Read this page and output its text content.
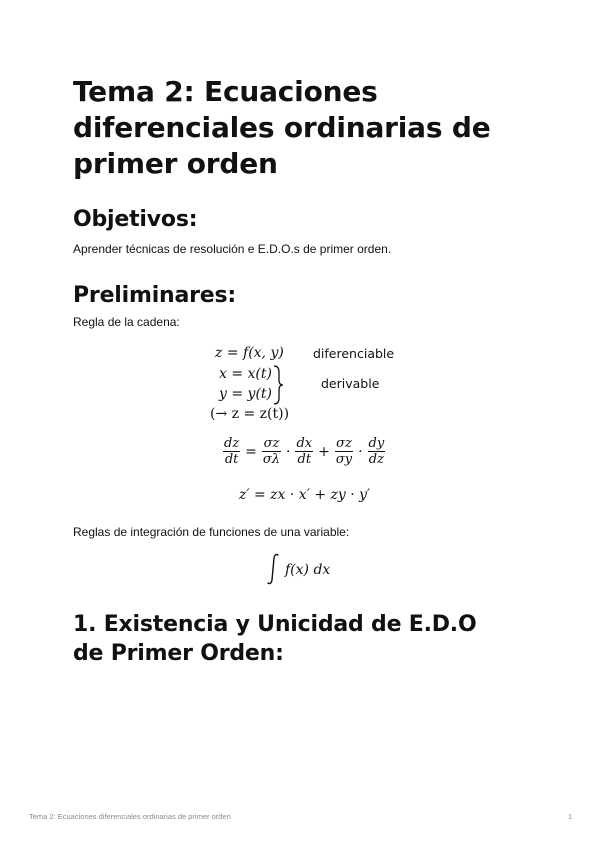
Tema 2: Ecuaciones diferenciales ordinarias de primer orden
Objetivos:
Aprender técnicas de resolución e E.D.O.s de primer orden.
Preliminares:
Regla de la cadena:
z = f(x, y)
x = x(t)
y = y(t)
(→ z = z(t))
diferenciable
derivable
$\frac{dz}{dt} = \frac{\sigma z}{\sigma\lambda} \cdot \frac{dx}{dt} + \frac{\sigma z}{\sigma y} \cdot \frac{dy}{dz}$
z′ = zx · x′ + zy · y′
Reglas de integración de funciones de una variable:
f(x) dx
1. Existencia y Unicidad de E.D.O de Primer Orden:
Tema 2: Ecuaciones diferenciales ordinarias de primer orden	1
